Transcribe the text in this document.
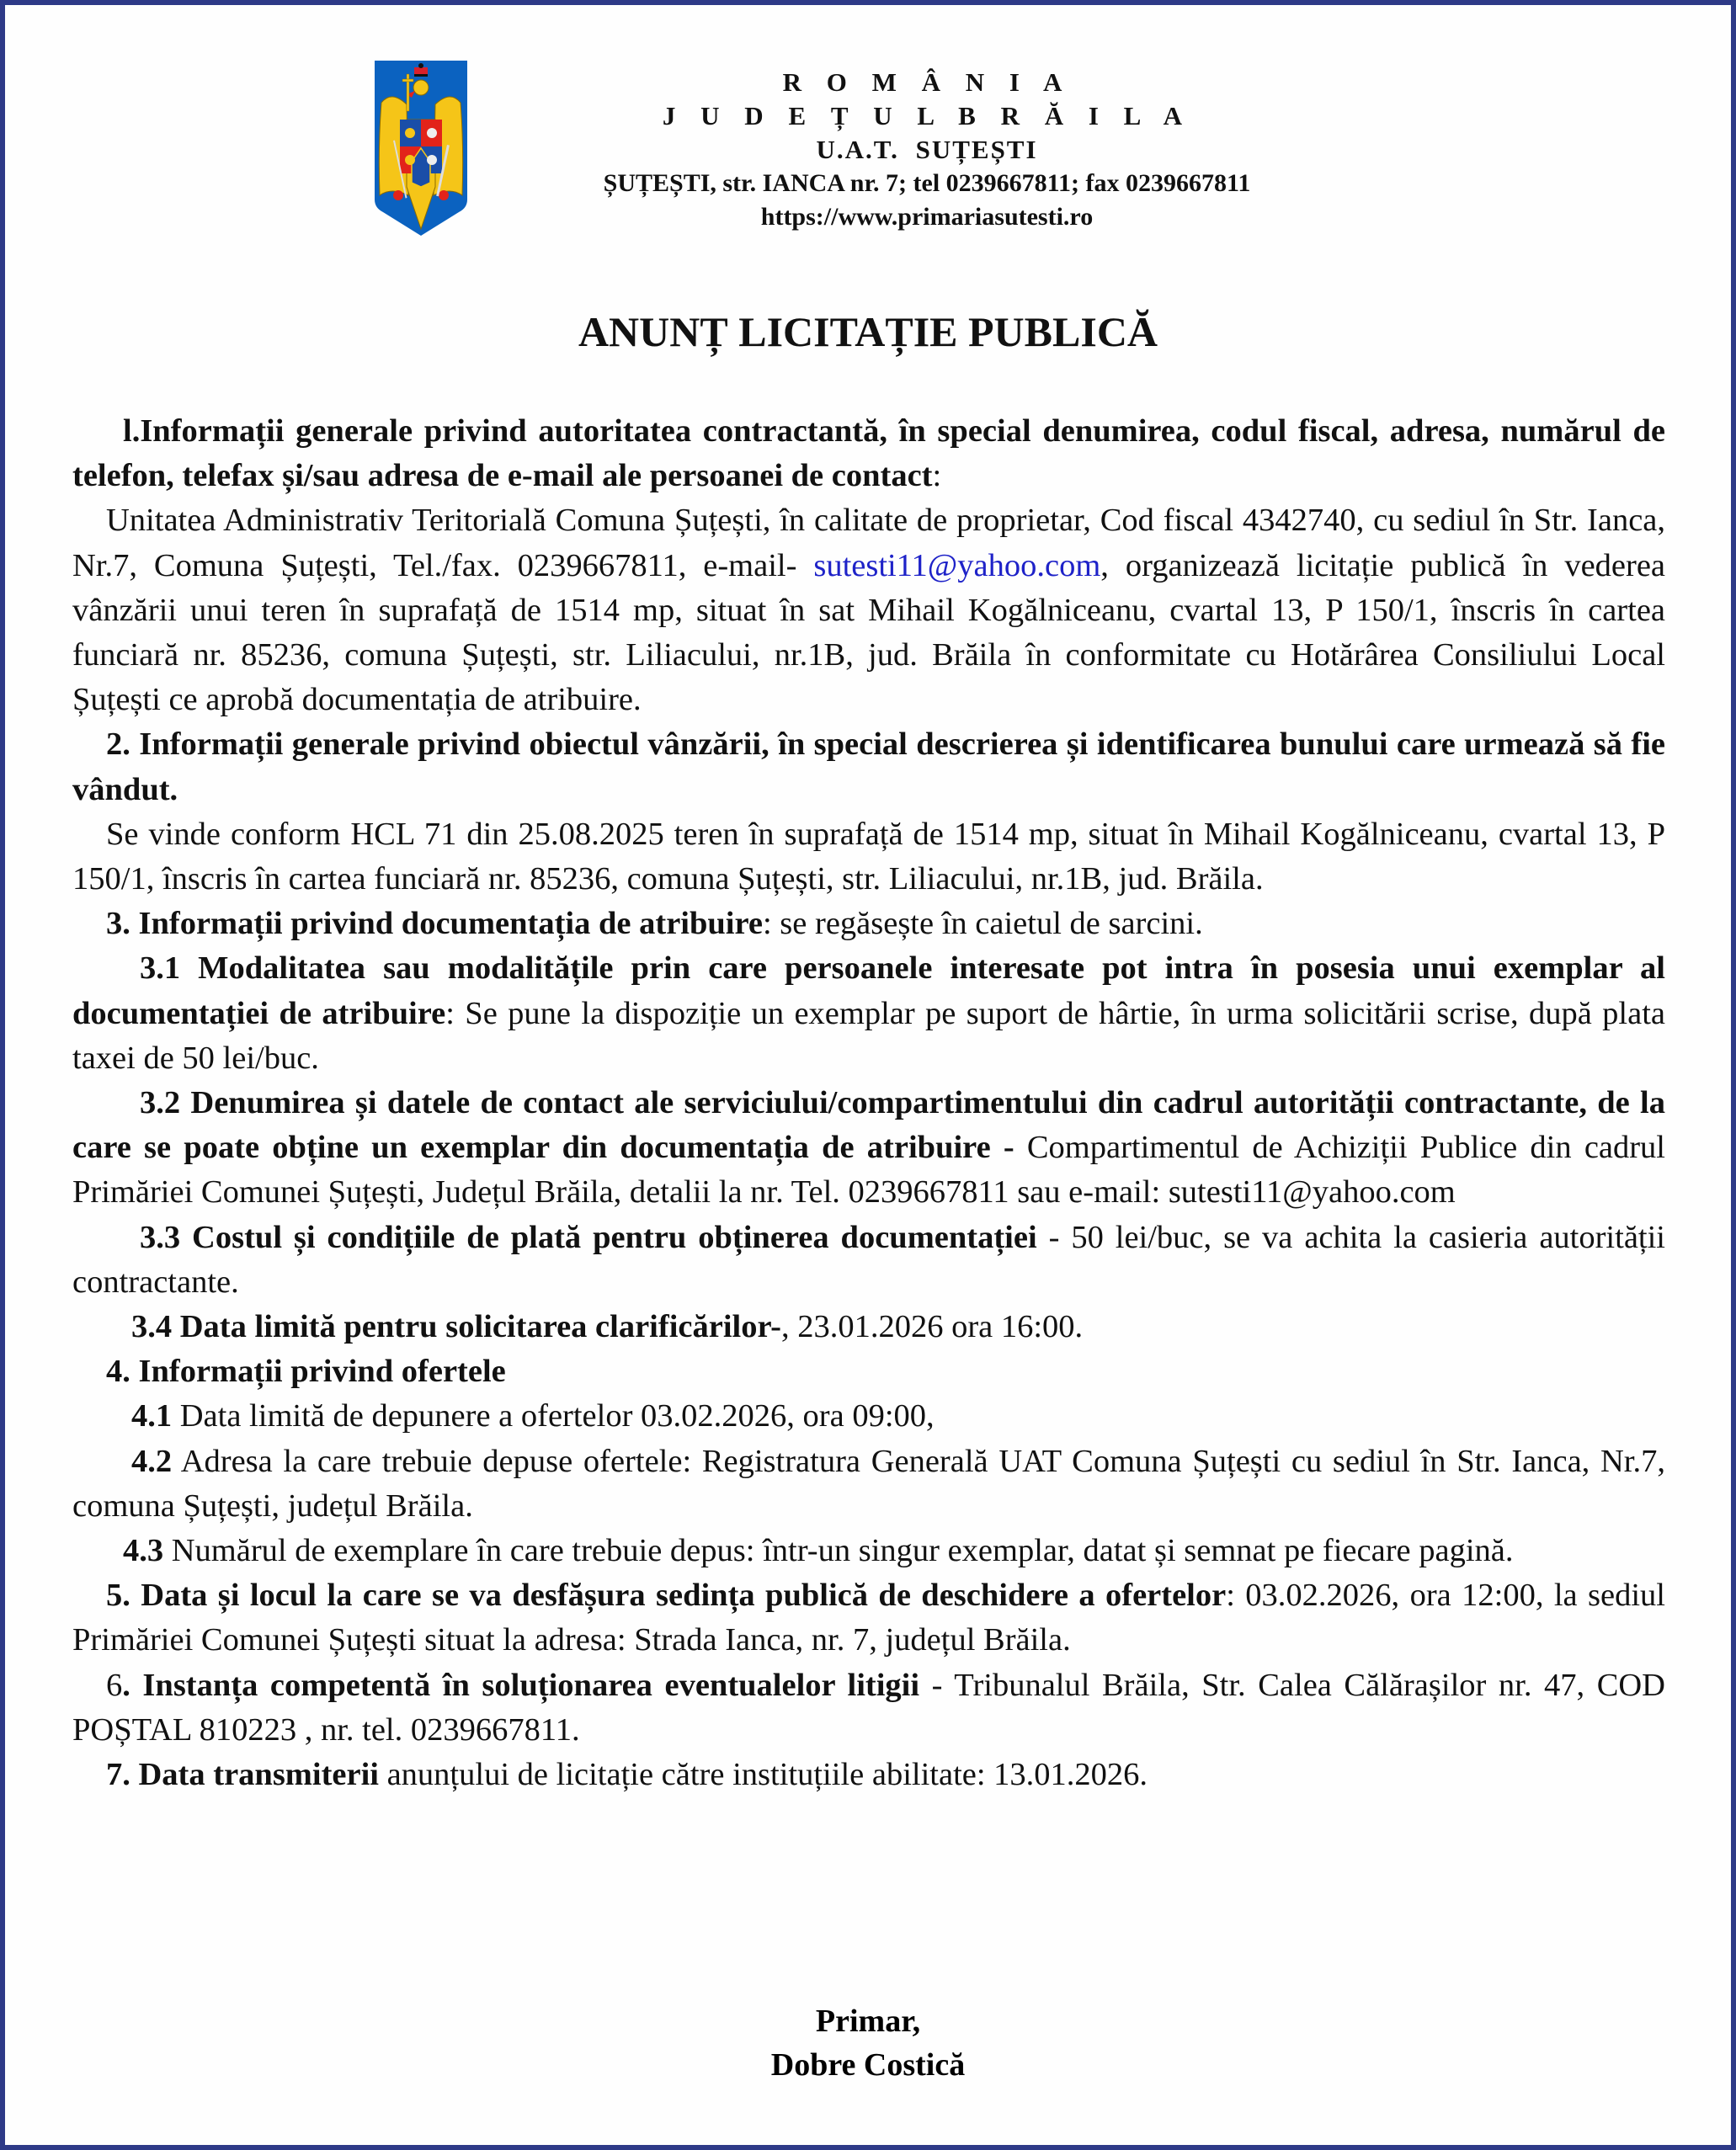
R O M Â N I A
J U D E Ț U L B R Ă I L A
U.A.T. SUȚEȘTI
ȘUȚEȘTI, str. IANCA nr. 7; tel 0239667811; fax 0239667811
https://www.primariasutesti.ro
ANUNȚ LICITAȚIE PUBLICĂ

l.Informații generale privind autoritatea contractantă, în special denumirea, codul fiscal, adresa, numărul de telefon, telefax și/sau adresa de e-mail ale persoanei de contact:

Unitatea Administrativ Teritorială Comuna Șuțești, în calitate de proprietar, Cod fiscal 4342740, cu sediul în Str. Ianca, Nr.7, Comuna Șuțești, Tel./fax. 0239667811, e-mail- sutesti11@yahoo.com, organizează licitație publică în vederea vânzării unui teren în suprafață de 1514 mp, situat în sat Mihail Kogălniceanu, cvartal 13, P 150/1, înscris în cartea funciară nr. 85236, comuna Șuțești, str. Liliacului, nr.1B, jud. Brăila în conformitate cu Hotărârea Consiliului Local Șuțești ce aprobă documentația de atribuire.

2. Informații generale privind obiectul vânzării, în special descrierea și identificarea bunului care urmează să fie vândut.

Se vinde conform HCL 71 din 25.08.2025 teren în suprafață de 1514 mp, situat în Mihail Kogălniceanu, cvartal 13, P 150/1, înscris în cartea funciară nr. 85236, comuna Șuțești, str. Liliacului, nr.1B, jud. Brăila.

3. Informații privind documentația de atribuire: se regăsește în caietul de sarcini.

3.1 Modalitatea sau modalitățile prin care persoanele interesate pot intra în posesia unui exemplar al documentației de atribuire: Se pune la dispoziție un exemplar pe suport de hârtie, în urma solicitării scrise, după plata taxei de 50 lei/buc.

3.2 Denumirea și datele de contact ale serviciului/compartimentului din cadrul autorității contractante, de la care se poate obține un exemplar din documentația de atribuire - Compartimentul de Achiziții Publice din cadrul Primăriei Comunei Șuțești, Județul Brăila, detalii la nr. Tel. 0239667811 sau e-mail: sutesti11@yahoo.com

3.3 Costul și condițiile de plată pentru obținerea documentației - 50 lei/buc, se va achita la casieria autorității contractante.

3.4 Data limită pentru solicitarea clarificărilor-, 23.01.2026 ora 16:00.

4. Informații privind ofertele

4.1 Data limită de depunere a ofertelor 03.02.2026, ora 09:00,

4.2 Adresa la care trebuie depuse ofertele: Registratura Generală UAT Comuna Șuțești cu sediul în Str. Ianca, Nr.7, comuna Șuțești, județul Brăila.

4.3 Numărul de exemplare în care trebuie depus: într-un singur exemplar, datat și semnat pe fiecare pagină.

5. Data și locul la care se va desfășura sedința publică de deschidere a ofertelor: 03.02.2026, ora 12:00, la sediul Primăriei Comunei Șuțești situat la adresa: Strada Ianca, nr. 7, județul Brăila.

6. Instanța competentă în soluționarea eventualelor litigii - Tribunalul Brăila, Str. Calea Călărașilor nr. 47, COD POȘTAL 810223 , nr. tel. 0239667811.

7. Data transmiterii anunțului de licitație către instituțiile abilitate: 13.01.2026.

Primar,
Dobre Costică
